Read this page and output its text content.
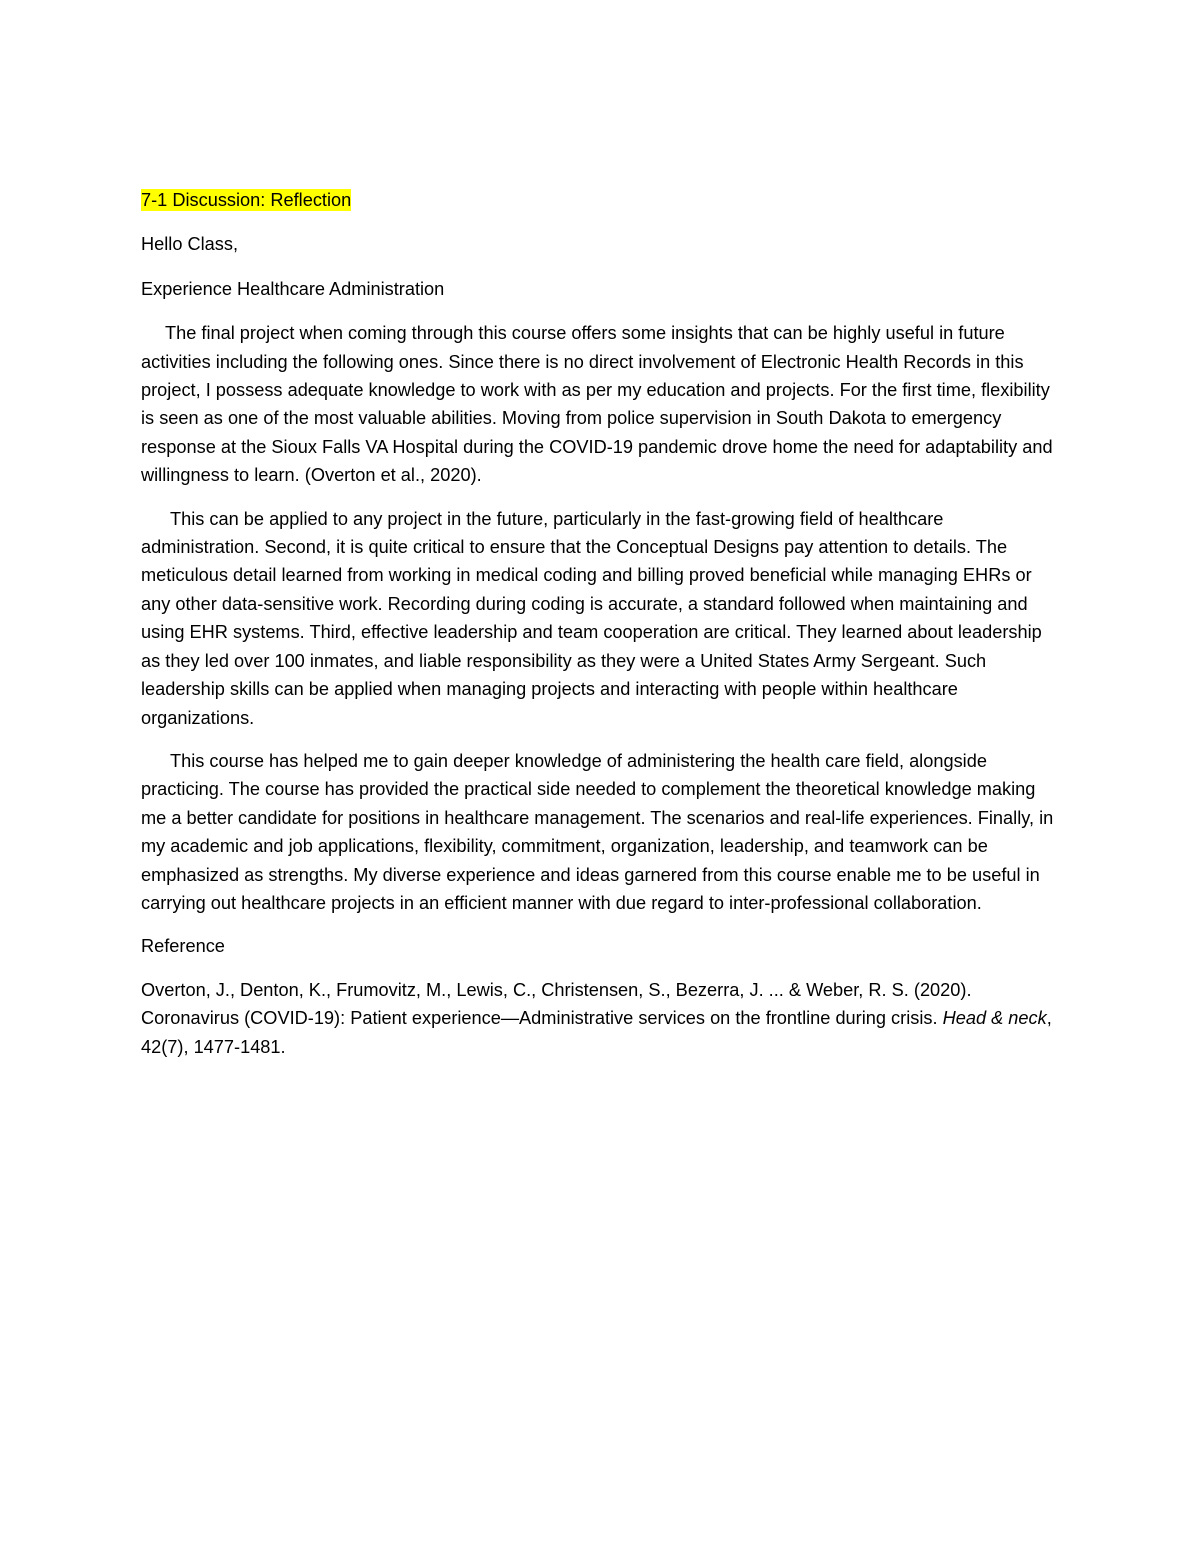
7-1 Discussion: Reflection
Hello Class,
Experience Healthcare Administration

The final project when coming through this course offers some insights that can be highly useful in future activities including the following ones. Since there is no direct involvement of Electronic Health Records in this project, I possess adequate knowledge to work with as per my education and projects. For the first time, flexibility is seen as one of the most valuable abilities. Moving from police supervision in South Dakota to emergency response at the Sioux Falls VA Hospital during the COVID-19 pandemic drove home the need for adaptability and willingness to learn. (Overton et al., 2020).

This can be applied to any project in the future, particularly in the fast-growing field of healthcare administration. Second, it is quite critical to ensure that the Conceptual Designs pay attention to details. The meticulous detail learned from working in medical coding and billing proved beneficial while managing EHRs or any other data-sensitive work. Recording during coding is accurate, a standard followed when maintaining and using EHR systems. Third, effective leadership and team cooperation are critical. They learned about leadership as they led over 100 inmates, and liable responsibility as they were a United States Army Sergeant. Such leadership skills can be applied when managing projects and interacting with people within healthcare organizations.

This course has helped me to gain deeper knowledge of administering the health care field, alongside practicing. The course has provided the practical side needed to complement the theoretical knowledge making me a better candidate for positions in healthcare management. The scenarios and real-life experiences. Finally, in my academic and job applications, flexibility, commitment, organization, leadership, and teamwork can be emphasized as strengths. My diverse experience and ideas garnered from this course enable me to be useful in carrying out healthcare projects in an efficient manner with due regard to inter-professional collaboration.

Reference

Overton, J., Denton, K., Frumovitz, M., Lewis, C., Christensen, S., Bezerra, J. ... & Weber, R. S. (2020). Coronavirus (COVID-19): Patient experience—Administrative services on the frontline during crisis. Head & neck, 42(7), 1477-1481.
